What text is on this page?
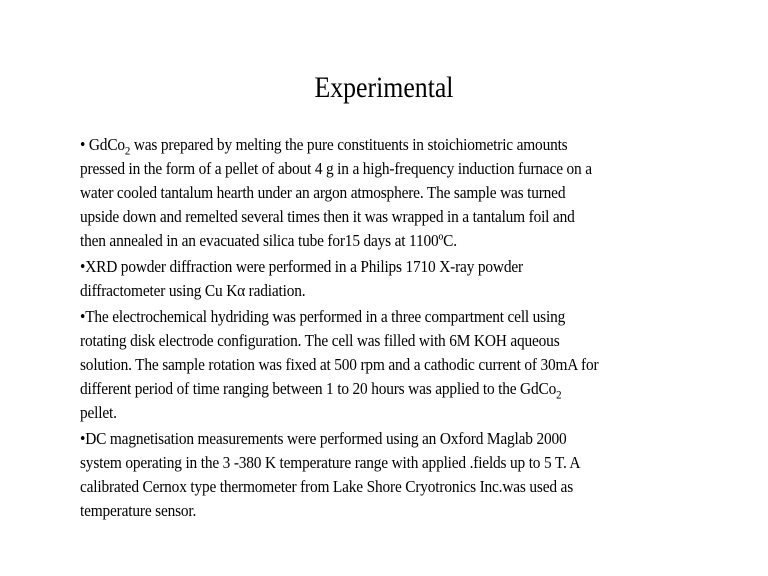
Experimental
• GdCo$_2$ was prepared by melting the pure constituents in stoichiometric amounts
pressed in the form of a pellet of about 4 g in a high-frequency induction furnace on a
water cooled tantalum hearth under an argon atmosphere. The sample was turned
upside down and remelted several times then it was wrapped in a tantalum foil and
then annealed in an evacuated silica tube for15 days at 1100ºC.
•XRD powder diffraction were performed in a Philips 1710 X-ray powder
diffractometer using Cu Kα radiation.
•The electrochemical hydriding was performed in a three compartment cell using
rotating disk electrode configuration. The cell was filled with 6M KOH aqueous
solution. The sample rotation was fixed at 500 rpm and a cathodic current of 30mA for
different period of time ranging between 1 to 20 hours was applied to the GdCo$_2$
pellet.
•DC magnetisation measurements were performed using an Oxford Maglab 2000
system operating in the 3 -380 K temperature range with applied .fields up to 5 T. A
calibrated Cernox type thermometer from Lake Shore Cryotronics Inc.was used as
temperature sensor.
